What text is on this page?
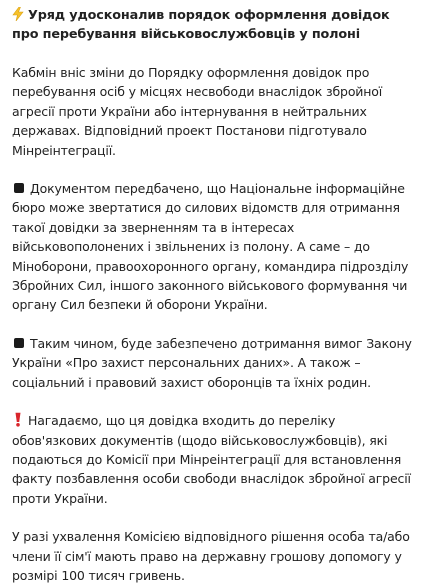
Уряд удосконалив порядок оформлення довідок про перебування військовослужбовців у полоні

Кабмін вніс зміни до Порядку оформлення довідок про перебування осіб у місцях несвободи внаслідок збройної агресії проти України або інтернування в нейтральних державах. Відповідний проект Постанови підготувало Мінреінтеграції.

Документом передбачено, що Національне інформаційне бюро може звертатися до силових відомств для отримання такої довідки за зверненням та в інтересах військовополонених і звільнених із полону. А саме – до Міноборони, правоохоронного органу, командира підрозділу Збройних Сил, іншого законного військового формування чи органу Сил безпеки й оборони України.

Таким чином, буде забезпечено дотримання вимог Закону України «Про захист персональних даних». А також – соціальний і правовий захист оборонців та їхніх родин.

Нагадаємо, що ця довідка входить до переліку обов'язкових документів (щодо військовослужбовців), які подаються до Комісії при Мінреінтеграції для встановлення факту позбавлення особи свободи внаслідок збройної агресії проти України.

У разі ухвалення Комісією відповідного рішення особа та/або члени її сім'ї мають право на державну грошову допомогу у розмірі 100 тисяч гривень.
